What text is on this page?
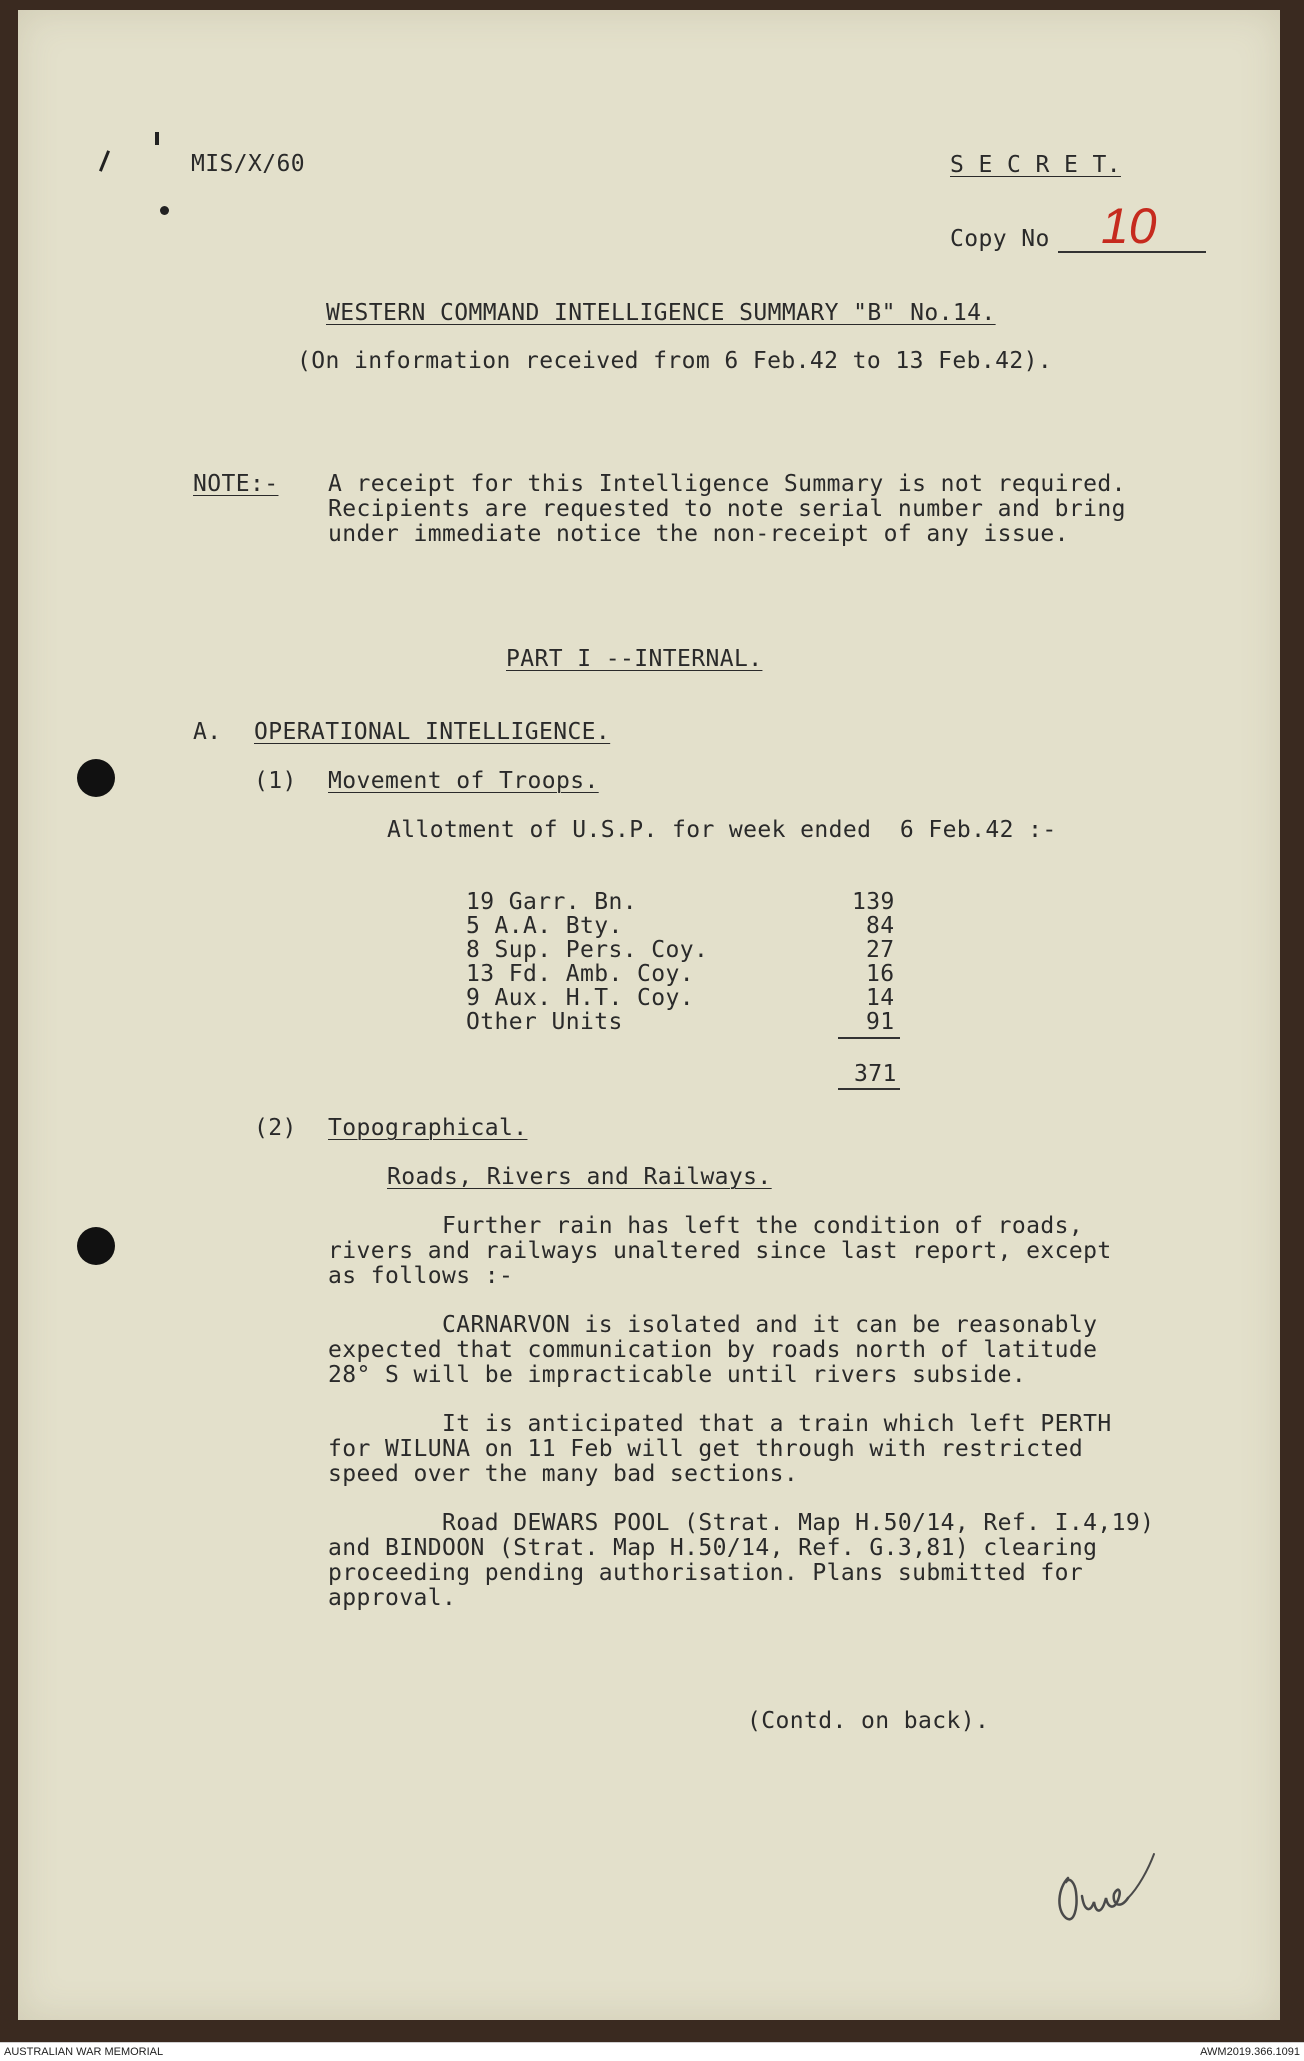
MIS/X/60	S E C R E T.
Copy No 10
WESTERN COMMAND INTELLIGENCE SUMMARY "B" No.14.
(On information received from 6 Feb.42 to 13 Feb.42).
NOTE:- A receipt for this Intelligence Summary is not required.
Recipients are requested to note serial number and bring
under immediate notice the non-receipt of any issue.
PART I --INTERNAL.
A. OPERATIONAL INTELLIGENCE.
(1) Movement of Troops.
Allotment of U.S.P. for week ended  6 Feb.42 :-
19 Garr. Bn.	139
5 A.A. Bty.	84
8 Sup. Pers. Coy.	27
13 Fd. Amb. Coy.	16
9 Aux. H.T. Coy.	14
Other Units	91
371
(2) Topographical.
Roads, Rivers and Railways.
Further rain has left the condition of roads,
rivers and railways unaltered since last report, except
as follows :-
CARNARVON is isolated and it can be reasonably
expected that communication by roads north of latitude
28° S will be impracticable until rivers subside.
It is anticipated that a train which left PERTH
for WILUNA on 11 Feb will get through with restricted
speed over the many bad sections.
Road DEWARS POOL (Strat. Map H.50/14, Ref. I.4,19)
and BINDOON (Strat. Map H.50/14, Ref. G.3,81) clearing
proceeding pending authorisation. Plans submitted for
approval.
(Contd. on back).
AUSTRALIAN WAR MEMORIAL	AWM2019.366.1091
